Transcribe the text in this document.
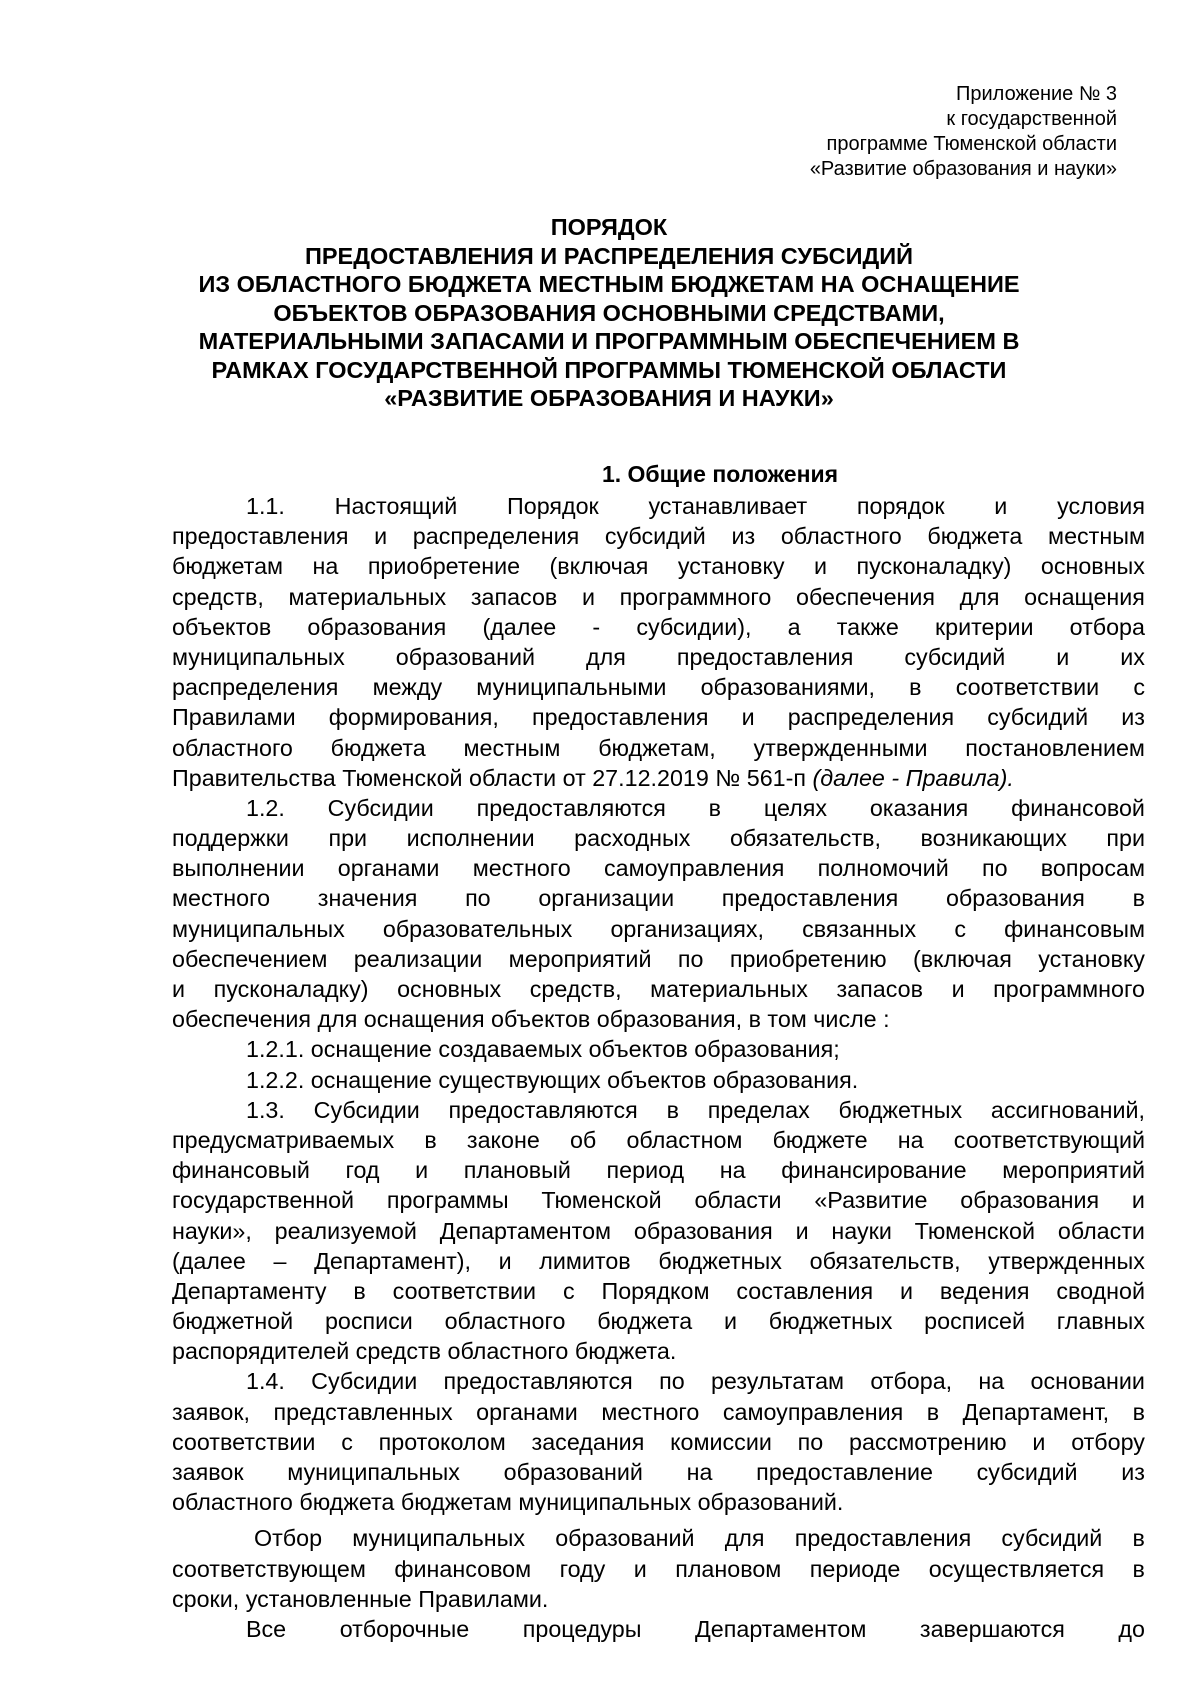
Приложение № 3
к государственной
программе Тюменской области
«Развитие образования и науки»
ПОРЯДОК
ПРЕДОСТАВЛЕНИЯ И РАСПРЕДЕЛЕНИЯ СУБСИДИЙ
ИЗ ОБЛАСТНОГО БЮДЖЕТА МЕСТНЫМ БЮДЖЕТАМ НА ОСНАЩЕНИЕ
ОБЪЕКТОВ ОБРАЗОВАНИЯ ОСНОВНЫМИ СРЕДСТВАМИ,
МАТЕРИАЛЬНЫМИ ЗАПАСАМИ И ПРОГРАММНЫМ ОБЕСПЕЧЕНИЕМ В
РАМКАХ ГОСУДАРСТВЕННОЙ ПРОГРАММЫ ТЮМЕНСКОЙ ОБЛАСТИ
«РАЗВИТИЕ ОБРАЗОВАНИЯ И НАУКИ»
1. Общие положения
1.1. Настоящий Порядок устанавливает порядок и условия
предоставления и распределения субсидий из областного бюджета местным
бюджетам на приобретение (включая установку и пусконаладку) основных
средств, материальных запасов и программного обеспечения для оснащения
объектов образования (далее - субсидии), а также критерии отбора
муниципальных образований для предоставления субсидий и их
распределения между муниципальными образованиями, в соответствии с
Правилами формирования, предоставления и распределения субсидий из
областного бюджета местным бюджетам, утвержденными постановлением
Правительства Тюменской области от 27.12.2019 № 561-п (далее - Правила).
1.2. Субсидии предоставляются в целях оказания финансовой
поддержки при исполнении расходных обязательств, возникающих при
выполнении органами местного самоуправления полномочий по вопросам
местного значения по организации предоставления образования в
муниципальных образовательных организациях, связанных с финансовым
обеспечением реализации мероприятий по приобретению (включая установку
и пусконаладку) основных средств, материальных запасов и программного
обеспечения для оснащения объектов образования, в том числе :
1.2.1. оснащение создаваемых объектов образования;
1.2.2. оснащение существующих объектов образования.
1.3. Субсидии предоставляются в пределах бюджетных ассигнований,
предусматриваемых в законе об областном бюджете на соответствующий
финансовый год и плановый период на финансирование мероприятий
государственной программы Тюменской области «Развитие образования и
науки», реализуемой Департаментом образования и науки Тюменской области
(далее – Департамент), и лимитов бюджетных обязательств, утвержденных
Департаменту в соответствии с Порядком составления и ведения сводной
бюджетной росписи областного бюджета и бюджетных росписей главных
распорядителей средств областного бюджета.
1.4. Субсидии предоставляются по результатам отбора, на основании
заявок, представленных органами местного самоуправления в Департамент, в
соответствии с протоколом заседания комиссии по рассмотрению и отбору
заявок муниципальных образований на предоставление субсидий из
областного бюджета бюджетам муниципальных образований.
Отбор муниципальных образований для предоставления субсидий в
соответствующем финансовом году и плановом периоде осуществляется в
сроки, установленные Правилами.
Все отборочные процедуры Департаментом завершаются до
